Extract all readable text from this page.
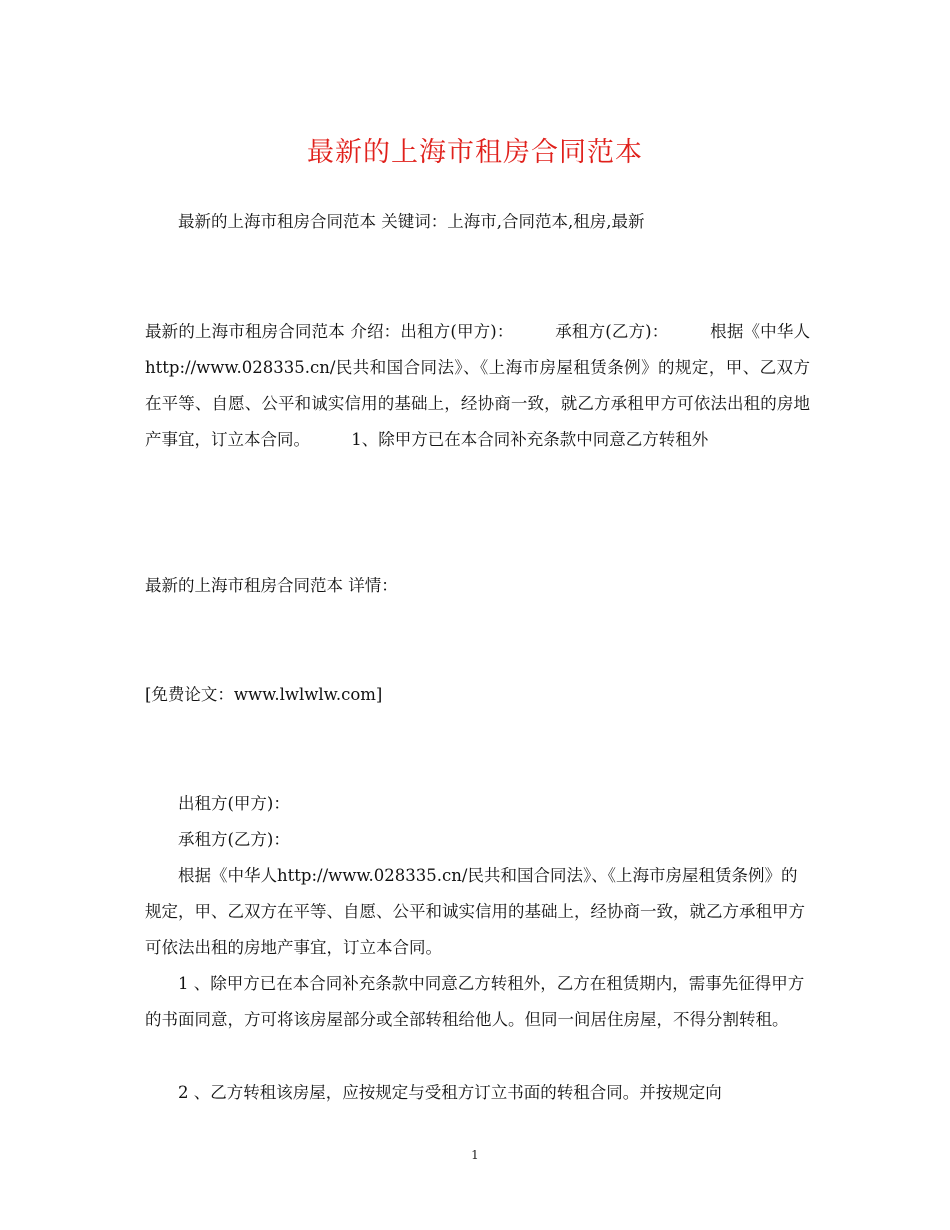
最新的上海市租房合同范本

最新的上海市租房合同范本 关键词：上海市,合同范本,租房,最新

最新的上海市租房合同范本 介绍：出租方(甲方)：　　　承租方(乙方)：　　　根据《中华人http://www.028335.cn/民共和国合同法》、《上海市房屋租赁条例》的规定，甲、乙双方在平等、自愿、公平和诚实信用的基础上，经协商一致，就乙方承租甲方可依法出租的房地产事宜，订立本合同。　　　1、除甲方已在本合同补充条款中同意乙方转租外

最新的上海市租房合同范本 详情：

[免费论文：www.lwlwlw.com]

出租方(甲方)：

承租方(乙方)：

根据《中华人http://www.028335.cn/民共和国合同法》、《上海市房屋租赁条例》的规定，甲、乙双方在平等、自愿、公平和诚实信用的基础上，经协商一致，就乙方承租甲方可依法出租的房地产事宜，订立本合同。

1 、除甲方已在本合同补充条款中同意乙方转租外，乙方在租赁期内，需事先征得甲方的书面同意，方可将该房屋部分或全部转租给他人。但同一间居住房屋，不得分割转租。

2 、乙方转租该房屋，应按规定与受租方订立书面的转租合同。并按规定向

1
